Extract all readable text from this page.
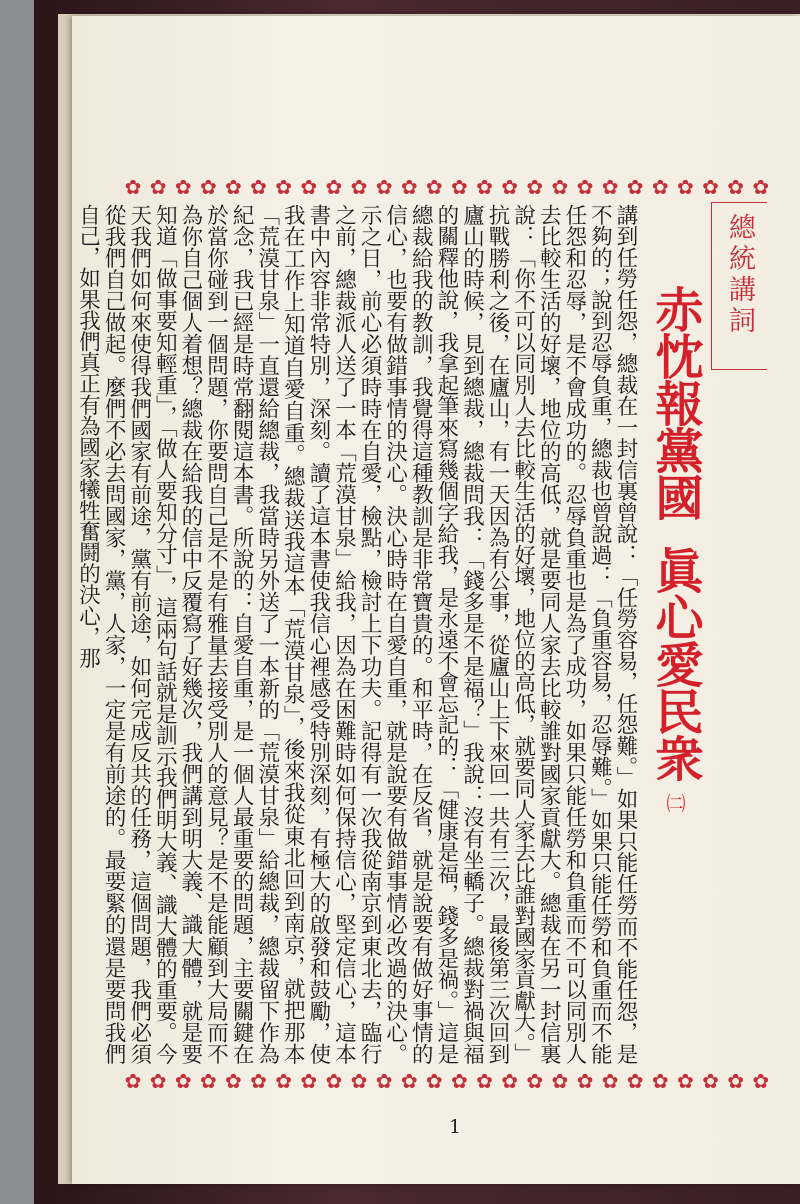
✿ ✿ ✿ ✿ ✿ ✿ ✿ ✿ ✿ ✿ ✿ ✿ ✿ ✿ ✿ ✿ ✿ ✿ ✿ ✿ ✿ ✿ ✿ ✿ ✿ ✿
✿ ✿ ✿ ✿ ✿ ✿ ✿ ✿ ✿ ✿ ✿ ✿ ✿ ✿ ✿ ✿ ✿ ✿ ✿ ✿ ✿ ✿ ✿ ✿ ✿ ✿
總統講詞
赤忱報黨國眞心愛民衆
㈡

講到任勞任怨，總裁在一封信裏曾說：「任勞容易，任怨難。」如果只能任勞而不能任怨，是不夠的；說到忍辱負重，總裁也曾說過：「負重容易，忍辱難。」如果只能任勞和負重而不能任怨和忍辱，是不會成功的。忍辱負重也是為了成功，如果只能任勞和負重而不可以同別人去比較生活的好壞，地位的高低，就是要同人家去比較誰對國家貢獻大。總裁在另一封信裏說：「你不可以同別人去比較生活的好壞，地位的高低，就要同人家去比誰對國家貢獻大。」抗戰勝利之後，在廬山，有一天因為有公事，從廬山上下來回一共有三次，最後第三次回到廬山的時候，見到總裁，總裁問我：「錢多是不是福？」我說：沒有坐轎子。總裁對禍與福的關釋他說，我拿起筆來寫幾個字給我，是永遠不會忘記的：「健康是福，錢多是禍。」這是總裁給我的教訓，我覺得這種教訓是非常寶貴的。和平時，在反省，就是說要有做好事情的信心，也要有做錯事情的決心。決心時時在自愛自重，就是說要有做錯事情必改過的決心。示之日，前心必須時時在自愛，檢點，檢討上下功夫。記得有一次我從南京到東北去，臨行之前，總裁派人送了一本「荒漠甘泉」給我，因為在困難時如何保持信心，堅定信心，這本書中內容非常特別，深刻。讀了這本書使我信心裡感受特別深刻，有極大的啟發和鼓勵，使我在工作上知道自愛自重。總裁送我這本「荒漠甘泉」，後來我從東北回到南京，就把那本「荒漠甘泉」一直還給總裁，我當時另外送了一本新的「荒漠甘泉」給總裁，總裁留下作為紀念，我已經是時常翻閱這本書。所說的：自愛自重，是一個人最重要的問題，主要關鍵在於當你碰到一個問題，你要問自己是不是有雅量去接受別人的意見？是不是能顧到大局而不為你自己個人着想？總裁在給我的信中反覆寫了好幾次，我們講到明大義、識大體，就是要知道「做事要知輕重」，「做人要知分寸」，這兩句話就是訓示我們明大義、識大體的重要。今天我們如何來使得我們國家有前途，黨有前途，如何完成反共的任務，這個問題，我們必須從我們自己做起。麼們不必去問國家，黨，人家，一定是有前途的。最要緊的還是要問我們自己，如果我們真正有為國家犧牲奮鬪的決心，那

1
